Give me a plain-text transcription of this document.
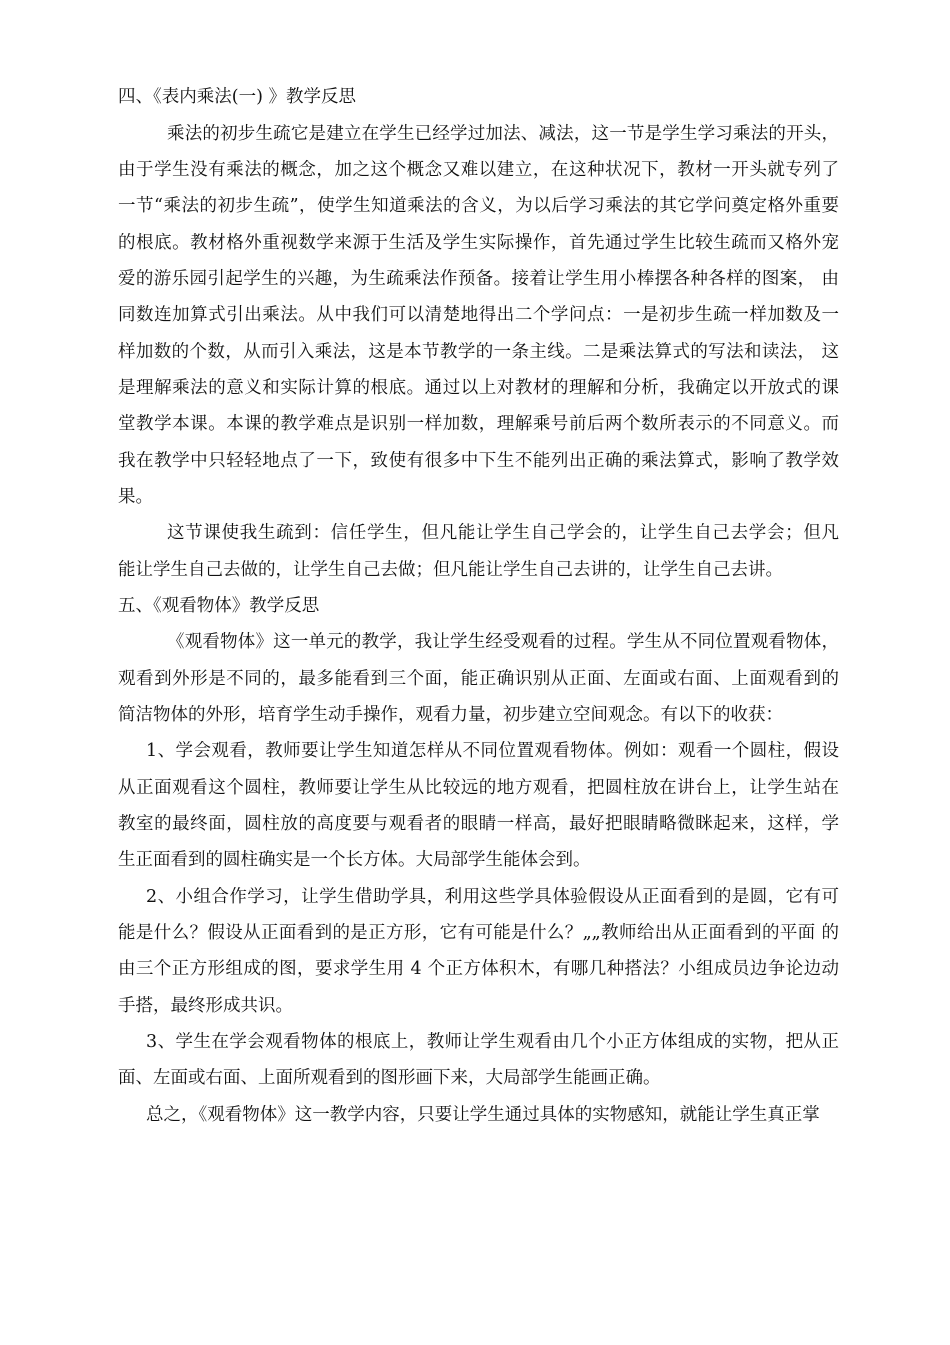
四、《表内乘法(一) 》教学反思
乘法的初步生疏它是建立在学生已经学过加法、减法，这一节是学生学习乘法的开头，
由于学生没有乘法的概念，加之这个概念又难以建立，在这种状况下，教材一开头就专列了
一节“乘法的初步生疏”，使学生知道乘法的含义，为以后学习乘法的其它学问奠定格外重要
的根底。教材格外重视数学来源于生活及学生实际操作，首先通过学生比较生疏而又格外宠
爱的游乐园引起学生的兴趣，为生疏乘法作预备。接着让学生用小棒摆各种各样的图案， 由
同数连加算式引出乘法。从中我们可以清楚地得出二个学问点：一是初步生疏一样加数及一
样加数的个数，从而引入乘法，这是本节教学的一条主线。二是乘法算式的写法和读法， 这
是理解乘法的意义和实际计算的根底。通过以上对教材的理解和分析，我确定以开放式的课
堂教学本课。本课的教学难点是识别一样加数，理解乘号前后两个数所表示的不同意义。而
我在教学中只轻轻地点了一下，致使有很多中下生不能列出正确的乘法算式，影响了教学效
果。
这节课使我生疏到：信任学生，但凡能让学生自己学会的，让学生自己去学会；但凡
能让学生自己去做的，让学生自己去做；但凡能让学生自己去讲的，让学生自己去讲。
五、《观看物体》教学反思
《观看物体》这一单元的教学，我让学生经受观看的过程。学生从不同位置观看物体，
观看到外形是不同的，最多能看到三个面，能正确识别从正面、左面或右面、上面观看到的
简洁物体的外形，培育学生动手操作，观看力量，初步建立空间观念。有以下的收获：
1、学会观看，教师要让学生知道怎样从不同位置观看物体。例如：观看一个圆柱，假设
从正面观看这个圆柱，教师要让学生从比较远的地方观看，把圆柱放在讲台上，让学生站在
教室的最终面，圆柱放的高度要与观看者的眼睛一样高，最好把眼睛略微眯起来，这样，学
生正面看到的圆柱确实是一个长方体。大局部学生能体会到。
2、小组合作学习，让学生借助学具，利用这些学具体验假设从正面看到的是圆，它有可
能是什么？假设从正面看到的是正方形，它有可能是什么？„„教师给出从正面看到的平面 的
由三个正方形组成的图，要求学生用 4 个正方体积木，有哪几种搭法？小组成员边争论边动
手搭，最终形成共识。
3、学生在学会观看物体的根底上，教师让学生观看由几个小正方体组成的实物，把从正
面、左面或右面、上面所观看到的图形画下来，大局部学生能画正确。
总之，《观看物体》这一教学内容，只要让学生通过具体的实物感知，就能让学生真正掌
